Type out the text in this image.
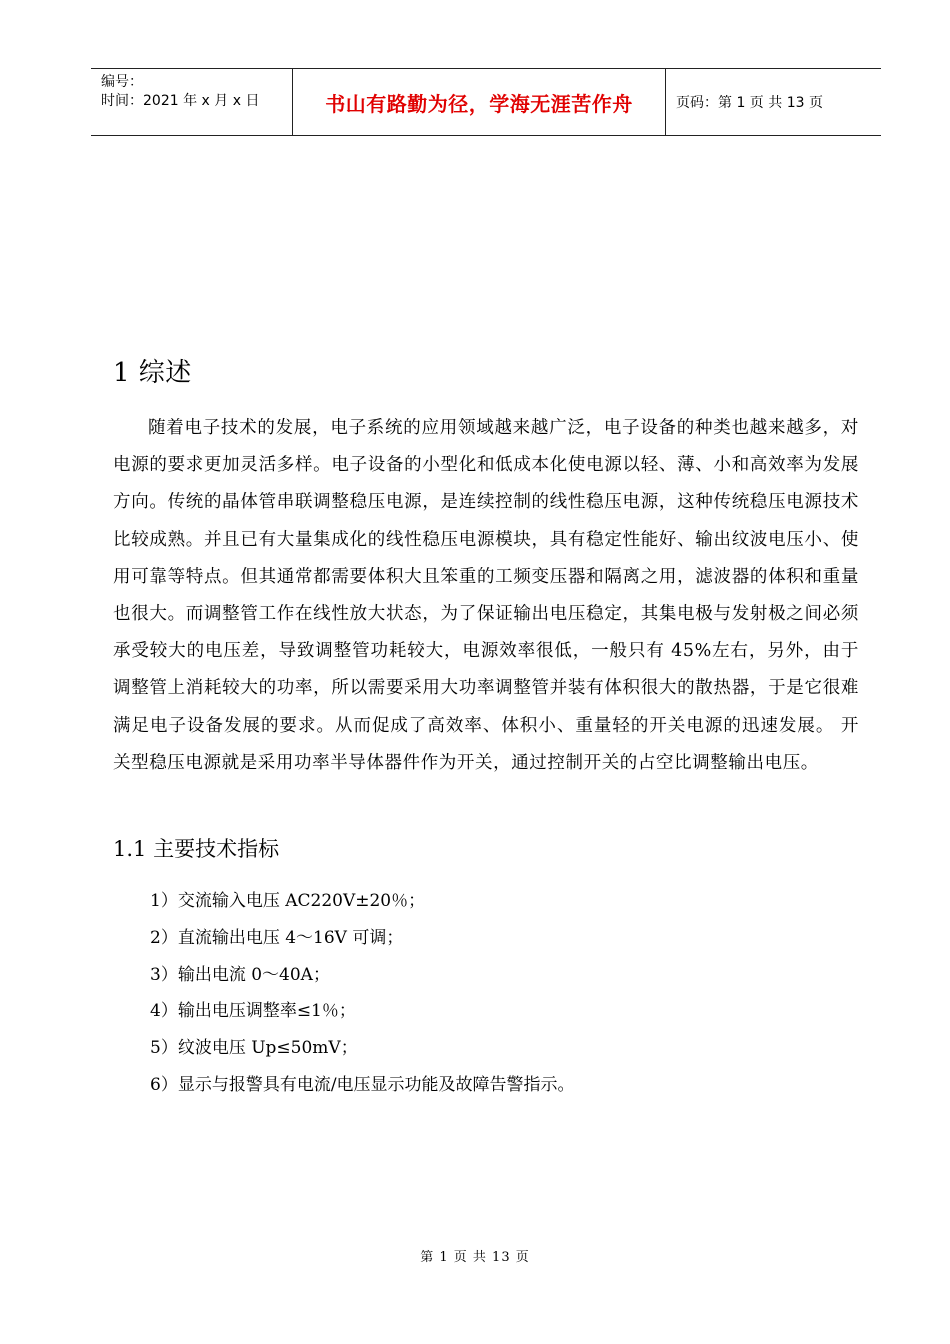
编号：
时间：2021 年 x 月 x 日	书山有路勤为径，学海无涯苦作舟	页码：第 1 页 共 13 页
1 综述

随着电子技术的发展，电子系统的应用领域越来越广泛，电子设备的种类也越来越多，对电源的要求更加灵活多样。电子设备的小型化和低成本化使电源以轻、薄、小和高效率为发展方向。传统的晶体管串联调整稳压电源，是连续控制的线性稳压电源，这种传统稳压电源技术比较成熟。并且已有大量集成化的线性稳压电源模块，具有稳定性能好、输出纹波电压小、使用可靠等特点。但其通常都需要体积大且笨重的工频变压器和隔离之用，滤波器的体积和重量也很大。而调整管工作在线性放大状态，为了保证输出电压稳定，其集电极与发射极之间必须承受较大的电压差，导致调整管功耗较大，电源效率很低，一般只有 45%左右，另外，由于调整管上消耗较大的功率，所以需要采用大功率调整管并装有体积很大的散热器，于是它很难满足电子设备发展的要求。从而促成了高效率、体积小、重量轻的开关电源的迅速发展。 开关型稳压电源就是采用功率半导体器件作为开关，通过控制开关的占空比调整输出电压。

1.1 主要技术指标
1）交流输入电压 AC220V±20％；
2）直流输出电压 4～16V 可调；
3）输出电流 0～40A；
4）输出电压调整率≤1％；
5）纹波电压 Up≤50mV；
6）显示与报警具有电流/电压显示功能及故障告警指示。
第 1 页 共 13 页
